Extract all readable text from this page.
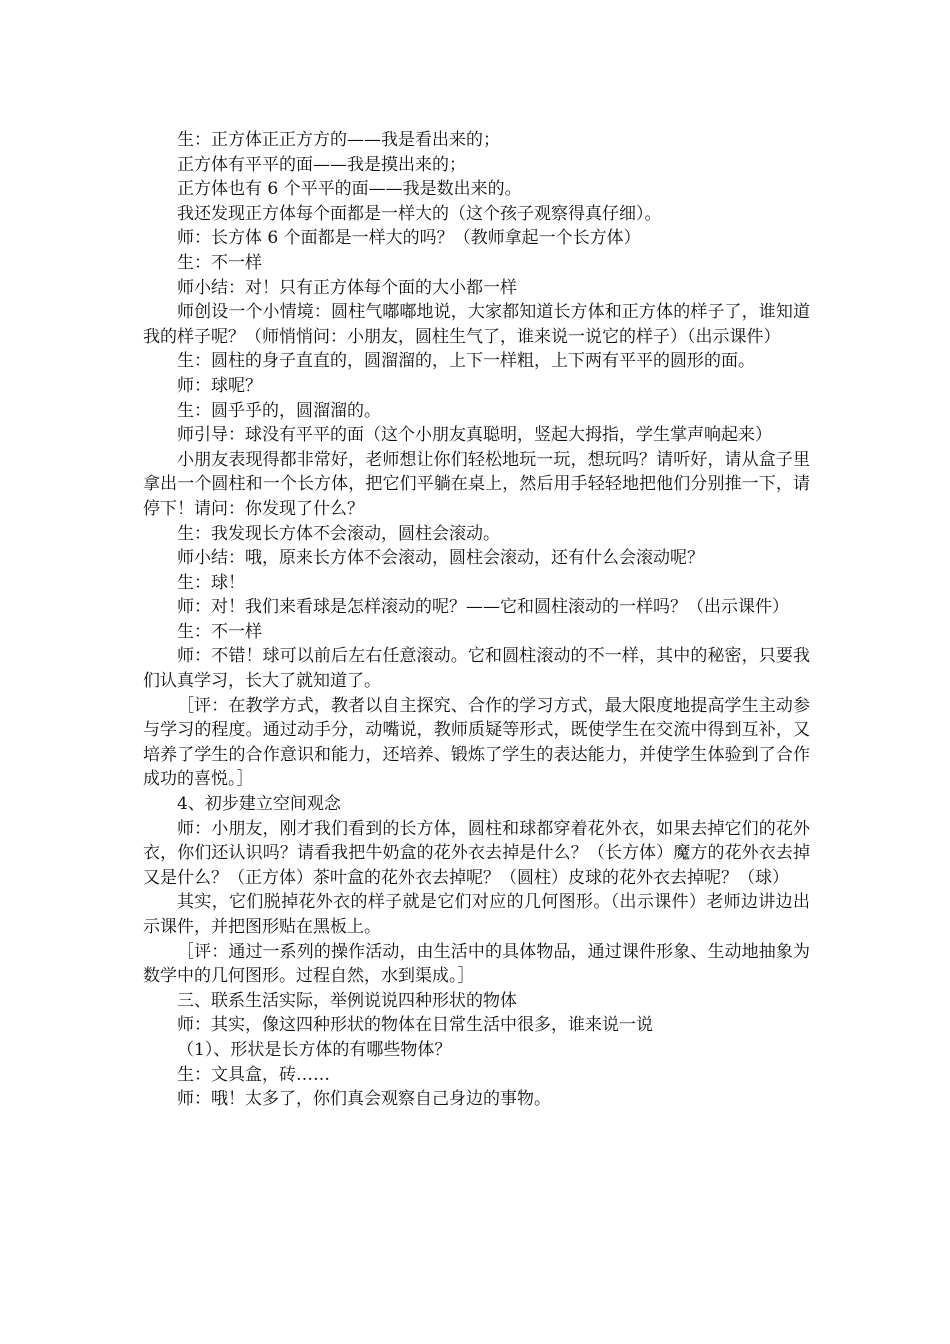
生：正方体正正方方的——我是看出来的；

正方体有平平的面——我是摸出来的；

正方体也有 6 个平平的面——我是数出来的。

我还发现正方体每个面都是一样大的（这个孩子观察得真仔细）。

师：长方体 6 个面都是一样大的吗？（教师拿起一个长方体）

生：不一样

师小结：对！只有正方体每个面的大小都一样

师创设一个小情境：圆柱气嘟嘟地说，大家都知道长方体和正方体的样子了，谁知道我的样子呢？（师悄悄问：小朋友，圆柱生气了，谁来说一说它的样子）（出示课件）

生：圆柱的身子直直的，圆溜溜的，上下一样粗，上下两有平平的圆形的面。

师：球呢？

生：圆乎乎的，圆溜溜的。

师引导：球没有平平的面（这个小朋友真聪明，竖起大拇指，学生掌声响起来）

小朋友表现得都非常好，老师想让你们轻松地玩一玩，想玩吗？请听好，请从盒子里拿出一个圆柱和一个长方体，把它们平躺在桌上，然后用手轻轻地把他们分别推一下，请停下！请问：你发现了什么？

生：我发现长方体不会滚动，圆柱会滚动。

师小结：哦，原来长方体不会滚动，圆柱会滚动，还有什么会滚动呢？

生：球！

师：对！我们来看球是怎样滚动的呢？——它和圆柱滚动的一样吗？（出示课件）

生：不一样

师：不错！球可以前后左右任意滚动。它和圆柱滚动的不一样，其中的秘密，只要我们认真学习，长大了就知道了。

［评：在教学方式，教者以自主探究、合作的学习方式，最大限度地提高学生主动参与学习的程度。通过动手分，动嘴说，教师质疑等形式，既使学生在交流中得到互补，又培养了学生的合作意识和能力，还培养、锻炼了学生的表达能力，并使学生体验到了合作成功的喜悦。］

4、初步建立空间观念

师：小朋友，刚才我们看到的长方体，圆柱和球都穿着花外衣，如果去掉它们的花外衣，你们还认识吗？请看我把牛奶盒的花外衣去掉是什么？（长方体）魔方的花外衣去掉又是什么？（正方体）茶叶盒的花外衣去掉呢？（圆柱）皮球的花外衣去掉呢？（球）

其实，它们脱掉花外衣的样子就是它们对应的几何图形。（出示课件）老师边讲边出示课件，并把图形贴在黑板上。

［评：通过一系列的操作活动，由生活中的具体物品，通过课件形象、生动地抽象为数学中的几何图形。过程自然，水到渠成。］

三、联系生活实际，举例说说四种形状的物体

师：其实，像这四种形状的物体在日常生活中很多，谁来说一说

（1）、形状是长方体的有哪些物体？

生：文具盒，砖……

师：哦！太多了，你们真会观察自己身边的事物。
